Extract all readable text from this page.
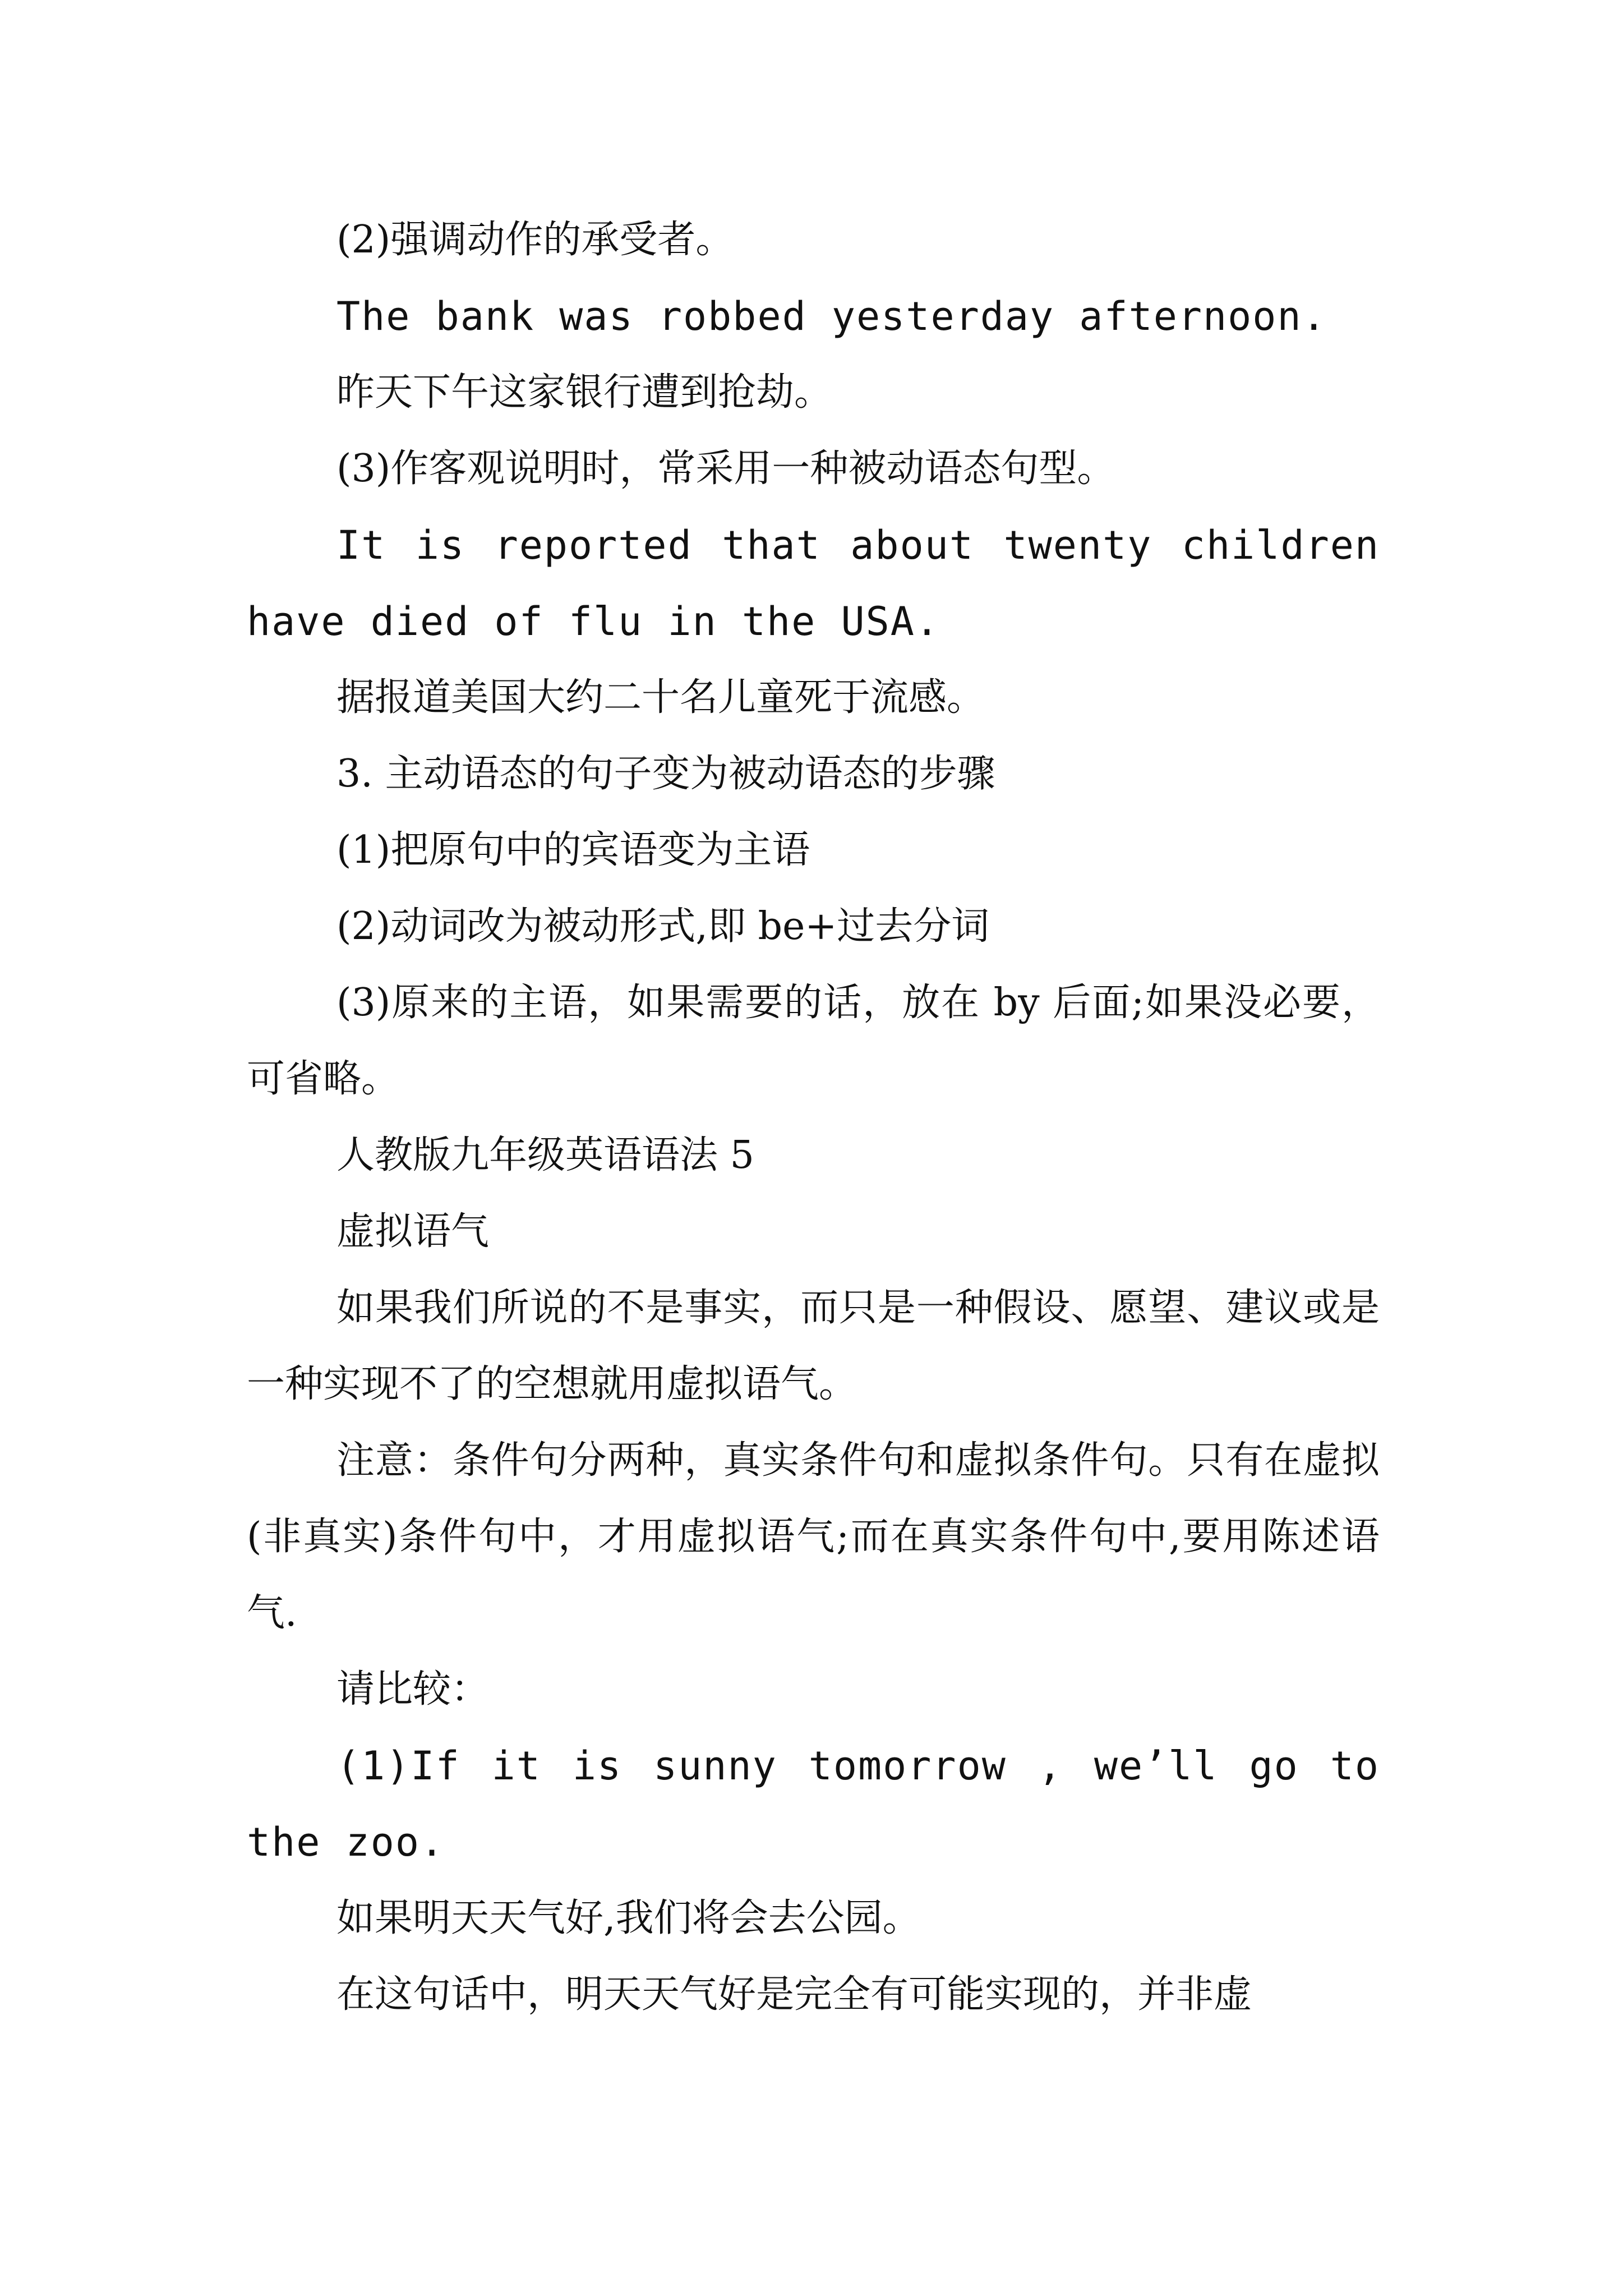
(2)强调动作的承受者。

The bank was robbed yesterday afternoon.

昨天下午这家银行遭到抢劫。

(3)作客观说明时，常采用一种被动语态句型。

It is reported that about twenty children have died of flu in the USA.

据报道美国大约二十名儿童死于流感。

3. 主动语态的句子变为被动语态的步骤

(1)把原句中的宾语变为主语

(2)动词改为被动形式,即 be+过去分词

(3)原来的主语，如果需要的话，放在 by 后面;如果没必要，可省略。

人教版九年级英语语法 5

虚拟语气

如果我们所说的不是事实，而只是一种假设、愿望、建议或是一种实现不了的空想就用虚拟语气。

注意：条件句分两种，真实条件句和虚拟条件句。只有在虚拟(非真实)条件句中，才用虚拟语气;而在真实条件句中,要用陈述语气.

请比较：

(1)If it is sunny tomorrow , we’ll go to the zoo.

如果明天天气好,我们将会去公园。

在这句话中，明天天气好是完全有可能实现的，并非虚
